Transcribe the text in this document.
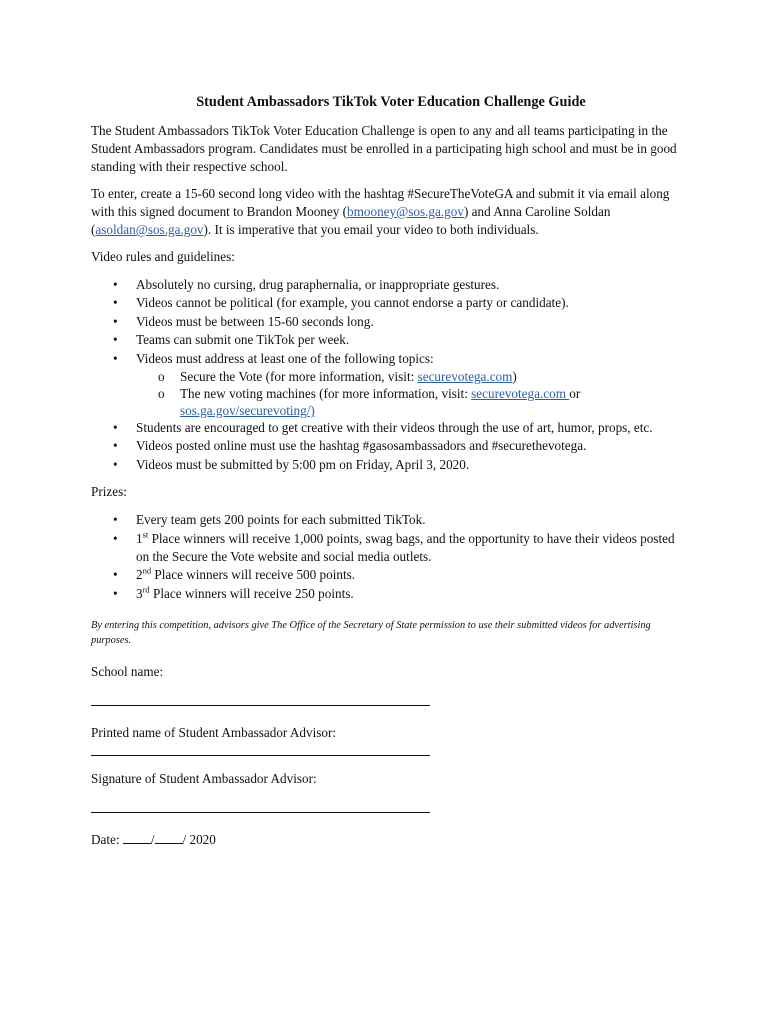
Student Ambassadors TikTok Voter Education Challenge Guide

The Student Ambassadors TikTok Voter Education Challenge is open to any and all teams participating in the Student Ambassadors program. Candidates must be enrolled in a participating high school and must be in good standing with their respective school.

To enter, create a 15-60 second long video with the hashtag #SecureTheVoteGA and submit it via email along with this signed document to Brandon Mooney (bmooney@sos.ga.gov) and Anna Caroline Soldan (asoldan@sos.ga.gov). It is imperative that you email your video to both individuals.

Video rules and guidelines:

• Absolutely no cursing, drug paraphernalia, or inappropriate gestures.
• Videos cannot be political (for example, you cannot endorse a party or candidate).
• Videos must be between 15-60 seconds long.
• Teams can submit one TikTok per week.
• Videos must address at least one of the following topics:
o Secure the Vote (for more information, visit: securevotega.com)
o The new voting machines (for more information, visit: securevotega.com or
sos.ga.gov/securevoting/)
• Students are encouraged to get creative with their videos through the use of art, humor, props, etc.
• Videos posted online must use the hashtag #gasosambassadors and #securethevotega.
• Videos must be submitted by 5:00 pm on Friday, April 3, 2020.

Prizes:

• Every team gets 200 points for each submitted TikTok.
• 1st Place winners will receive 1,000 points, swag bags, and the opportunity to have their videos posted on the Secure the Vote website and social media outlets.
• 2nd Place winners will receive 500 points.
• 3rd Place winners will receive 250 points.

By entering this competition, advisors give The Office of the Secretary of State permission to use their submitted videos for advertising purposes.

School name:

Printed name of Student Ambassador Advisor:

Signature of Student Ambassador Advisor:

Date: / / 2020
